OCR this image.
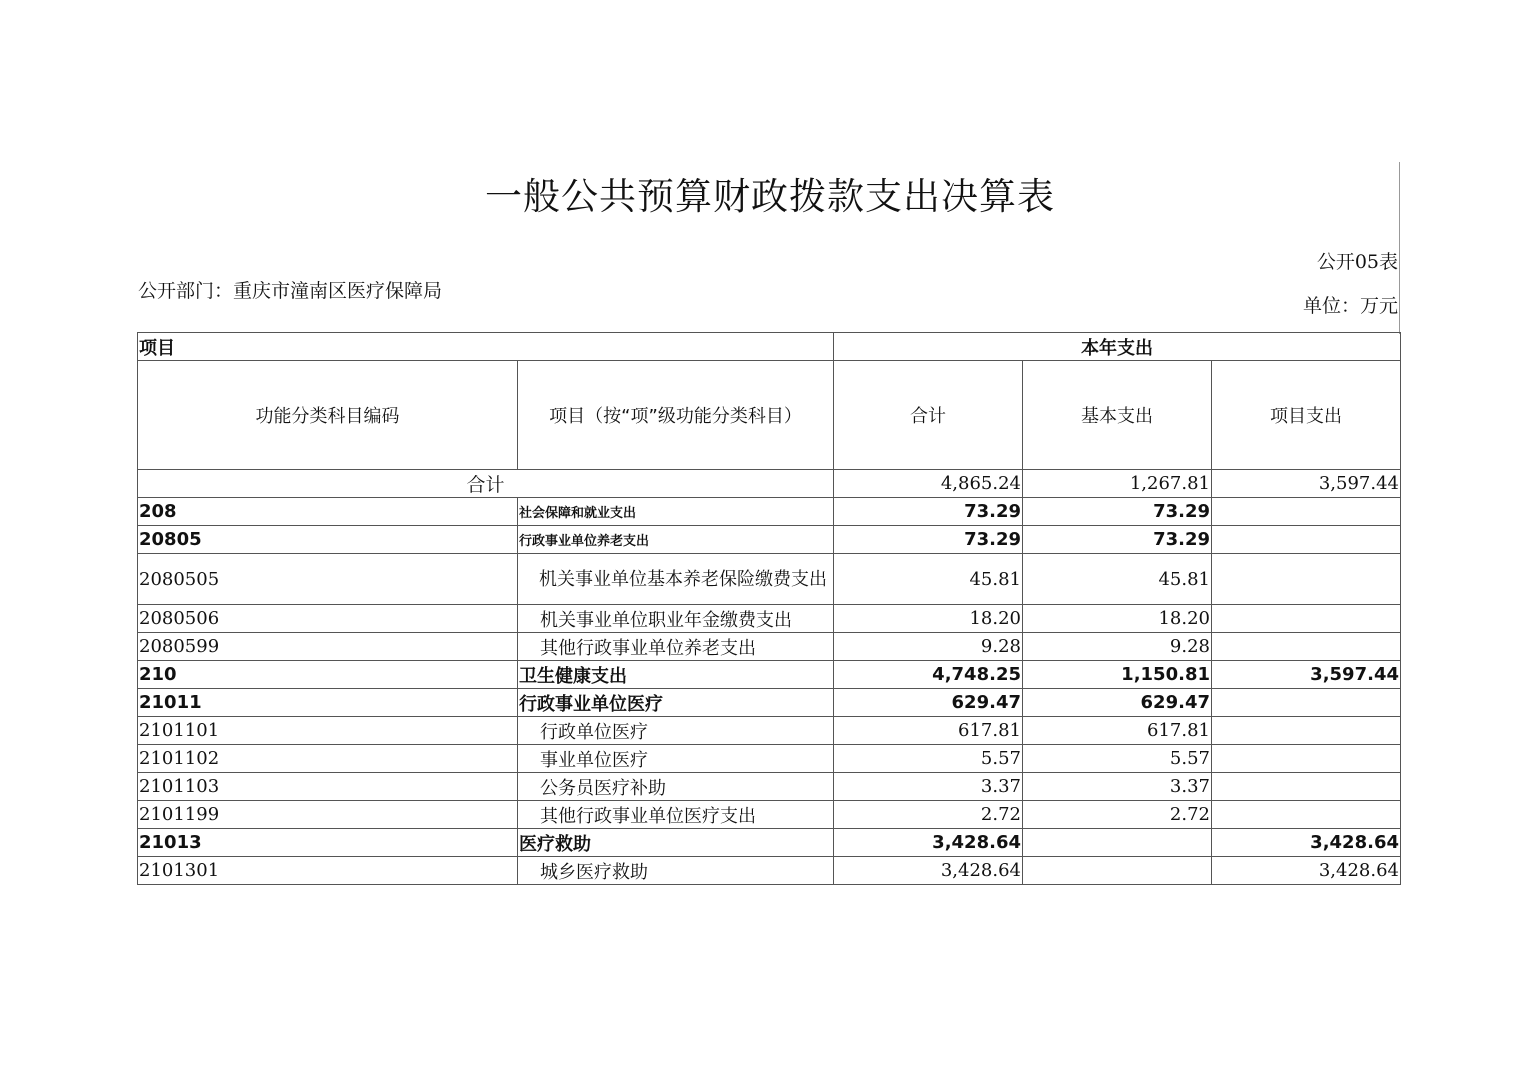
一般公共预算财政拨款支出决算表
公开05表
公开部门：重庆市潼南区医疗保障局
单位：万元
项目		本年支出		
功能分类科目编码	项目（按“项”级功能分类科目）	合计	基本支出	项目支出
合计		4,865.24	1,267.81	3,597.44
208	社会保障和就业支出	73.29	73.29	
20805	行政事业单位养老支出	73.29	73.29	
2080505	机关事业单位基本养老保险缴费支出	45.81	45.81	
2080506	机关事业单位职业年金缴费支出	18.20	18.20	
2080599	其他行政事业单位养老支出	9.28	9.28	
210	卫生健康支出	4,748.25	1,150.81	3,597.44
21011	行政事业单位医疗	629.47	629.47	
2101101	行政单位医疗	617.81	617.81	
2101102	事业单位医疗	5.57	5.57	
2101103	公务员医疗补助	3.37	3.37	
2101199	其他行政事业单位医疗支出	2.72	2.72	
21013	医疗救助	3,428.64		3,428.64
2101301	城乡医疗救助	3,428.64		3,428.64
